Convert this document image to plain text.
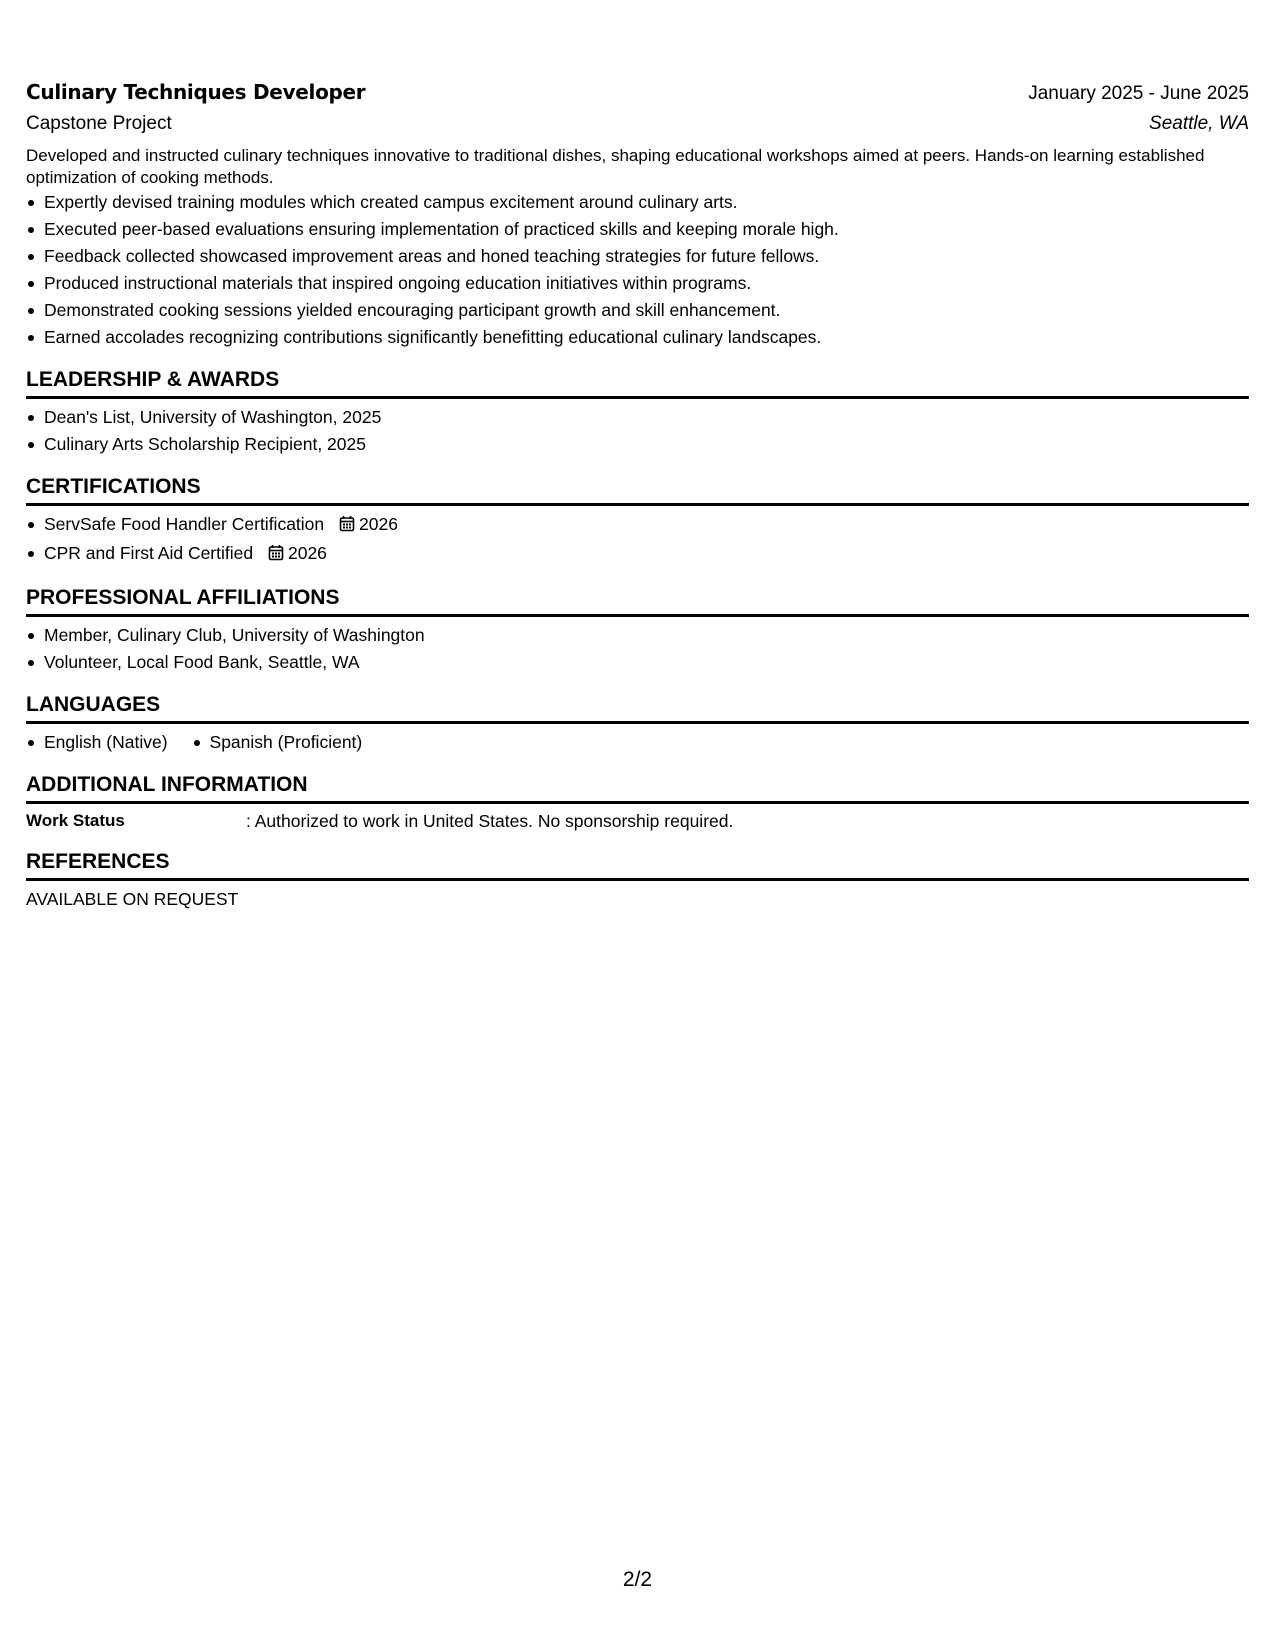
Culinary Techniques Developer	January 2025 - June 2025
Capstone Project	Seattle, WA
Developed and instructed culinary techniques innovative to traditional dishes, shaping educational workshops aimed at peers. Hands-on learning established optimization of cooking methods.
Expertly devised training modules which created campus excitement around culinary arts.
Executed peer-based evaluations ensuring implementation of practiced skills and keeping morale high.
Feedback collected showcased improvement areas and honed teaching strategies for future fellows.
Produced instructional materials that inspired ongoing education initiatives within programs.
Demonstrated cooking sessions yielded encouraging participant growth and skill enhancement.
Earned accolades recognizing contributions significantly benefitting educational culinary landscapes.
LEADERSHIP & AWARDS
Dean's List, University of Washington, 2025
Culinary Arts Scholarship Recipient, 2025
CERTIFICATIONS
ServSafe Food Handler Certification 2026
CPR and First Aid Certified 2026
PROFESSIONAL AFFILIATIONS
Member, Culinary Club, University of Washington
Volunteer, Local Food Bank, Seattle, WA
LANGUAGES
English (Native)	Spanish (Proficient)
ADDITIONAL INFORMATION
Work Status	: Authorized to work in United States. No sponsorship required.
REFERENCES
AVAILABLE ON REQUEST
2/2
